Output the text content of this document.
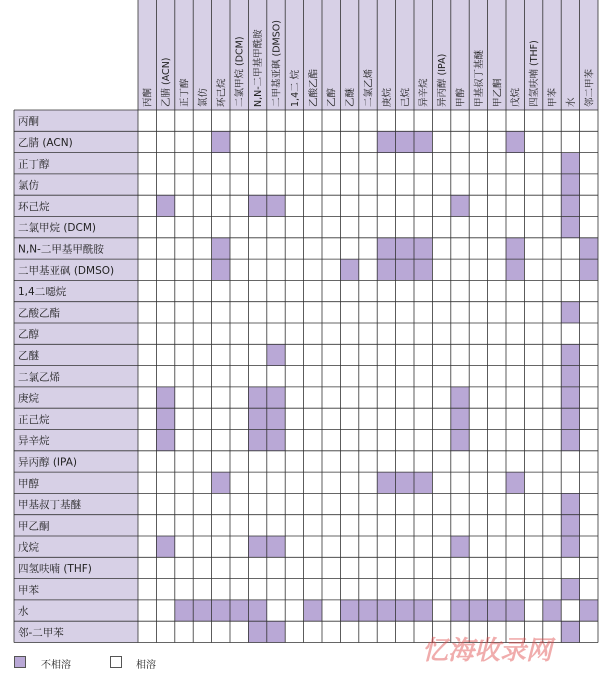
丙酮 乙腈 (ACN) 正丁醇 氯仿 环己烷 二氯甲烷 (DCM) N,N-二甲基甲酰胺 二甲基亚砜 (DMSO) 1,4二 烷 乙酸乙酯 乙醇 乙醚 二氯乙烯 庚烷 己烷 异辛烷 异丙醇 (IPA) 甲醇 甲基叔丁基醚 甲乙酮 戊烷 四氢呋喃 (THF) 甲苯 水 邻二甲苯
丙酮
乙腈 (ACN)
正丁醇
氯仿
环己烷
二氯甲烷 (DCM)
N,N-二甲基甲酰胺
二甲基亚砜 (DMSO)
1,4二噁烷
乙酸乙酯
乙醇
乙醚
二氯乙烯
庚烷
正己烷
异辛烷
异丙醇 (IPA)
甲醇
甲基叔丁基醚
甲乙酮
戊烷
四氢呋喃 (THF)
甲苯
水
邻-二甲苯
不相溶	相溶	忆海收录网
